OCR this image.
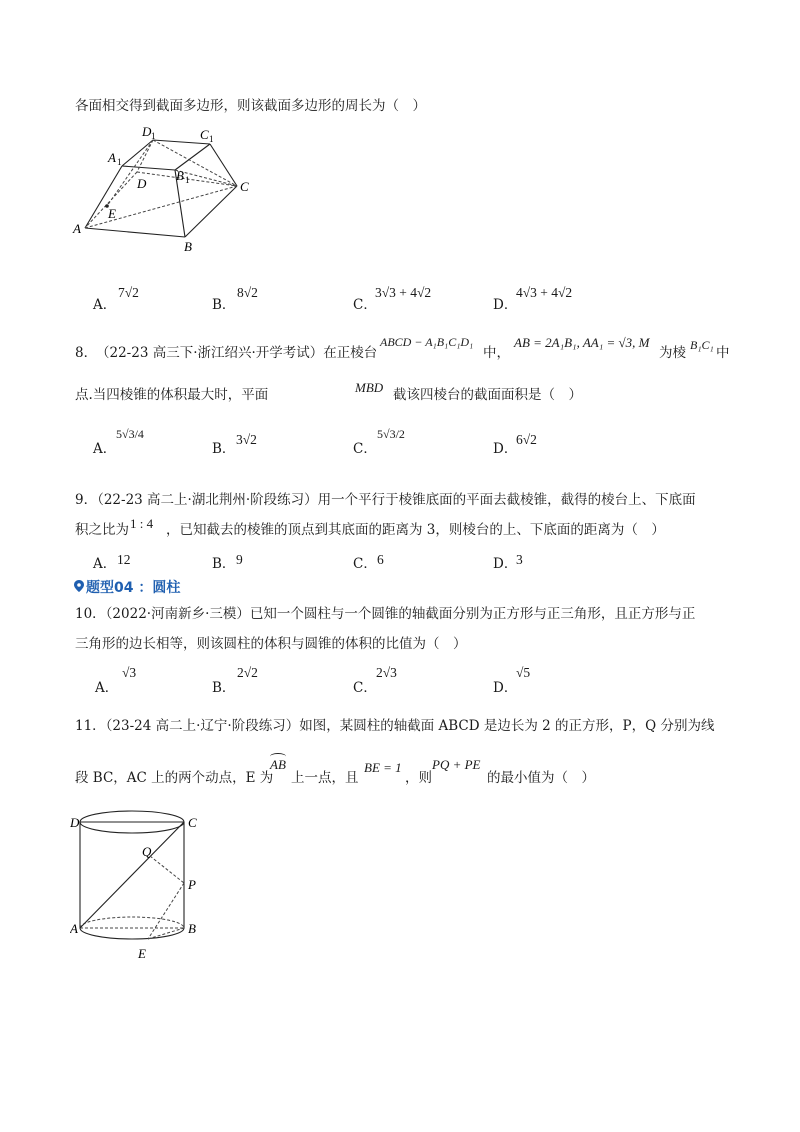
各面相交得到截面多边形，则该截面多边形的周长为（　）
D 1	C 1
A 1
B 1
D
E
C
A
B
A．
7√2
B．
8√2
C．
3√3 + 4√2
D．
4√3 + 4√2
8．
（22-23 高三下·浙江绍兴·开学考试）在正棱台
ABCD − A₁B₁C₁D₁
中，
AB = 2A₁B₁, AA₁ = √3, M
为棱 B₁C₁ 中
点.当四棱锥的体积最大时，平面	MBD 截该四棱台的截面面积是（　）
A．
5√3/4
B．
3√2
C．
5√3/2
D．
6√2
9．（22-23 高二上·湖北荆州·阶段练习）用一个平行于棱锥底面的平面去截棱锥，截得的棱台上、下底面
积之比为 1 : 4 ，已知截去的棱锥的顶点到其底面的距离为 3，则棱台的上、下底面的距离为（　）
A． 12	B． 9	C． 6	D．
3
题型04 ：圆柱
10．（2022·河南新乡·三模）已知一个圆柱与一个圆锥的轴截面分别为正方形与正三角形，且正方形与正
三角形的边长相等，则该圆柱的体积与圆锥的体积的比值为（　）
A．
√3
B．
2√2
C．
2√3
D．
√5
11．（23-24 高二上·辽宁·阶段练习）如图，某圆柱的轴截面 ABCD 是边长为 2 的正方形，P，Q 分别为线
段 BC，AC 上的两个动点，E 为
AB
上一点，且
BE = 1
，则
PQ + PE
的最小值为（　）
D	C
Q
P
A	B
E
